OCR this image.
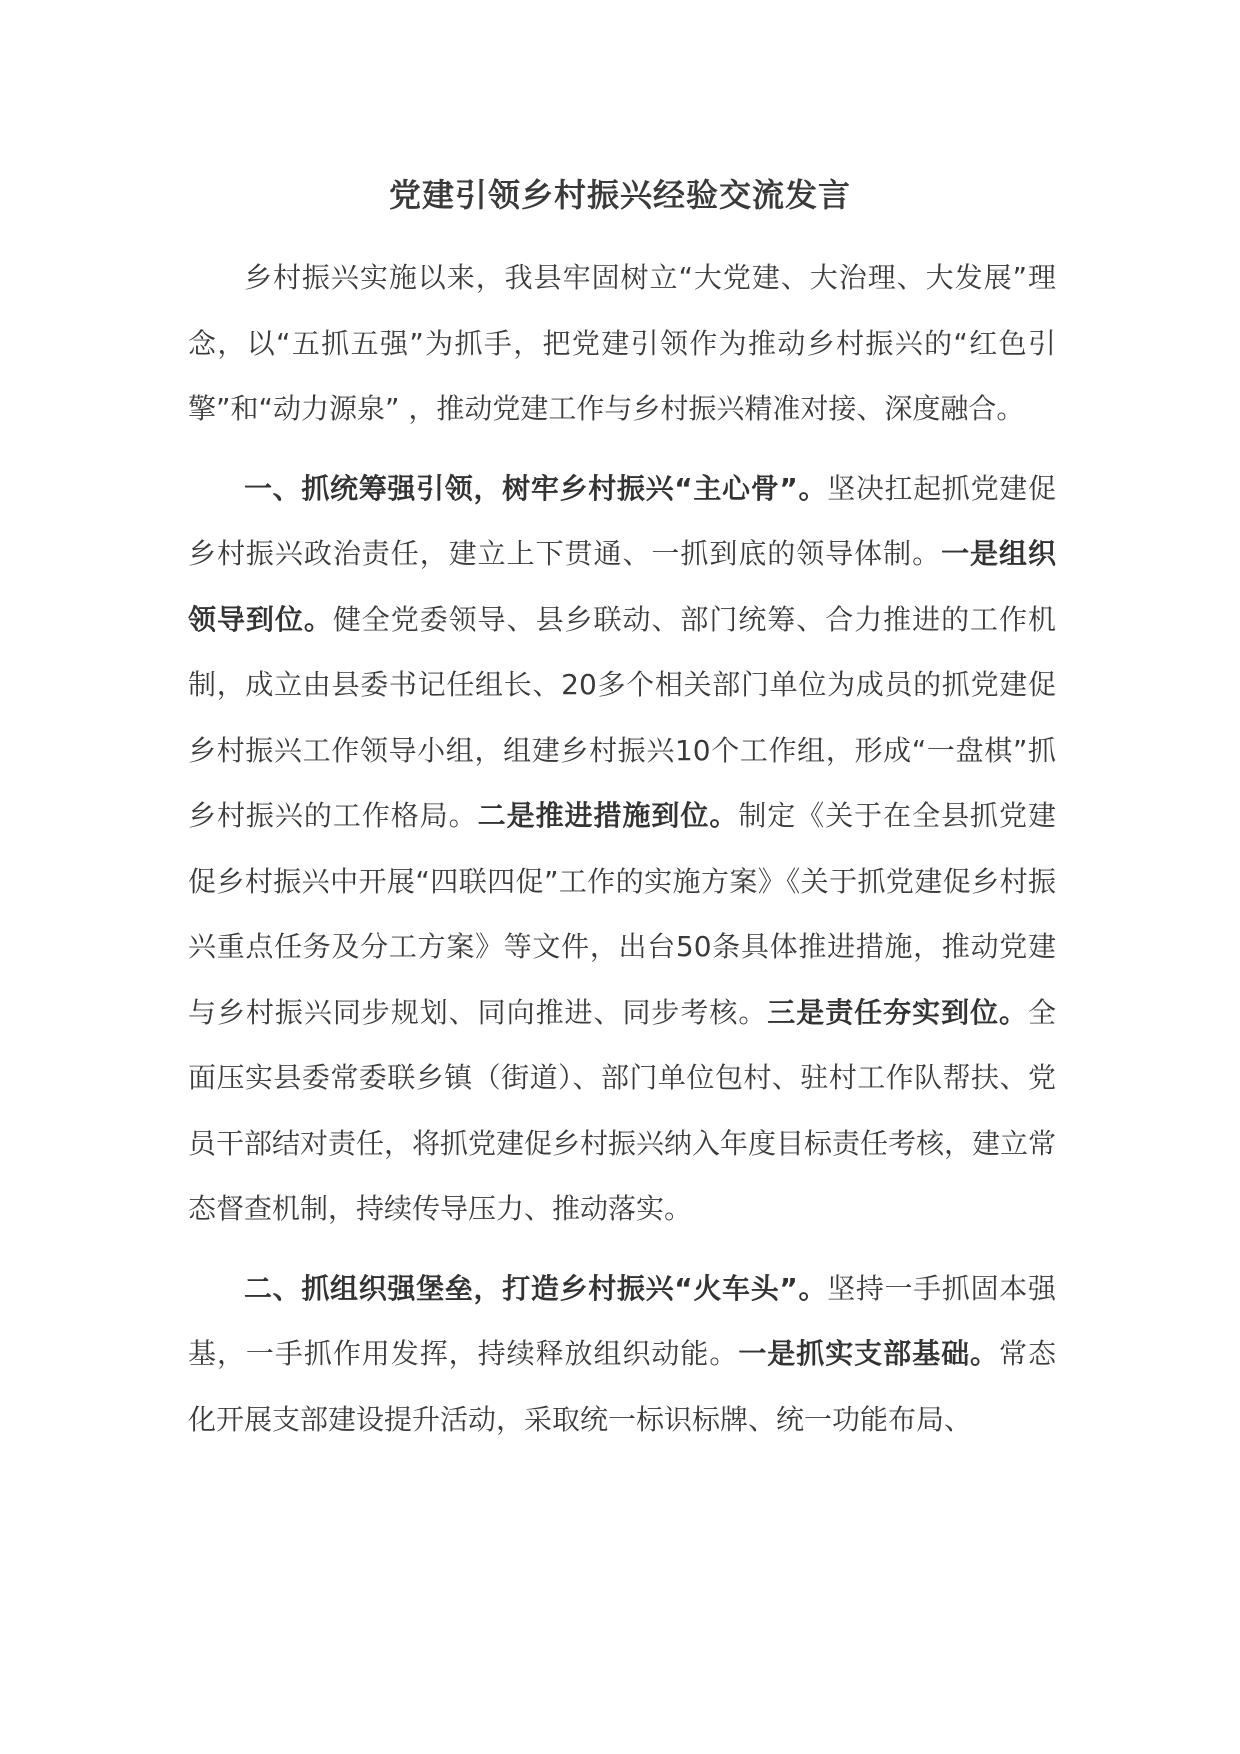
党建引领乡村振兴经验交流发言

乡村振兴实施以来，我县牢固树立“大党建、大治理、大发展”理念，以“五抓五强”为抓手，把党建引领作为推动乡村振兴的“红色引擎”和“动力源泉” ，推动党建工作与乡村振兴精准对接、深度融合。

一、抓统筹强引领，树牢乡村振兴“主心骨”。坚决扛起抓党建促乡村振兴政治责任，建立上下贯通、一抓到底的领导体制。一是组织领导到位。健全党委领导、县乡联动、部门统筹、合力推进的工作机制，成立由县委书记任组长、20多个相关部门单位为成员的抓党建促乡村振兴工作领导小组，组建乡村振兴10个工作组，形成“一盘棋”抓乡村振兴的工作格局。二是推进措施到位。制定《关于在全县抓党建促乡村振兴中开展“四联四促”工作的实施方案》《关于抓党建促乡村振兴重点任务及分工方案》等文件，出台50条具体推进措施，推动党建与乡村振兴同步规划、同向推进、同步考核。三是责任夯实到位。全面压实县委常委联乡镇（街道）、部门单位包村、驻村工作队帮扶、党员干部结对责任，将抓党建促乡村振兴纳入年度目标责任考核，建立常态督查机制，持续传导压力、推动落实。

二、抓组织强堡垒，打造乡村振兴“火车头”。坚持一手抓固本强基，一手抓作用发挥，持续释放组织动能。一是抓实支部基础。常态化开展支部建设提升活动，采取统一标识标牌、统一功能布局、
